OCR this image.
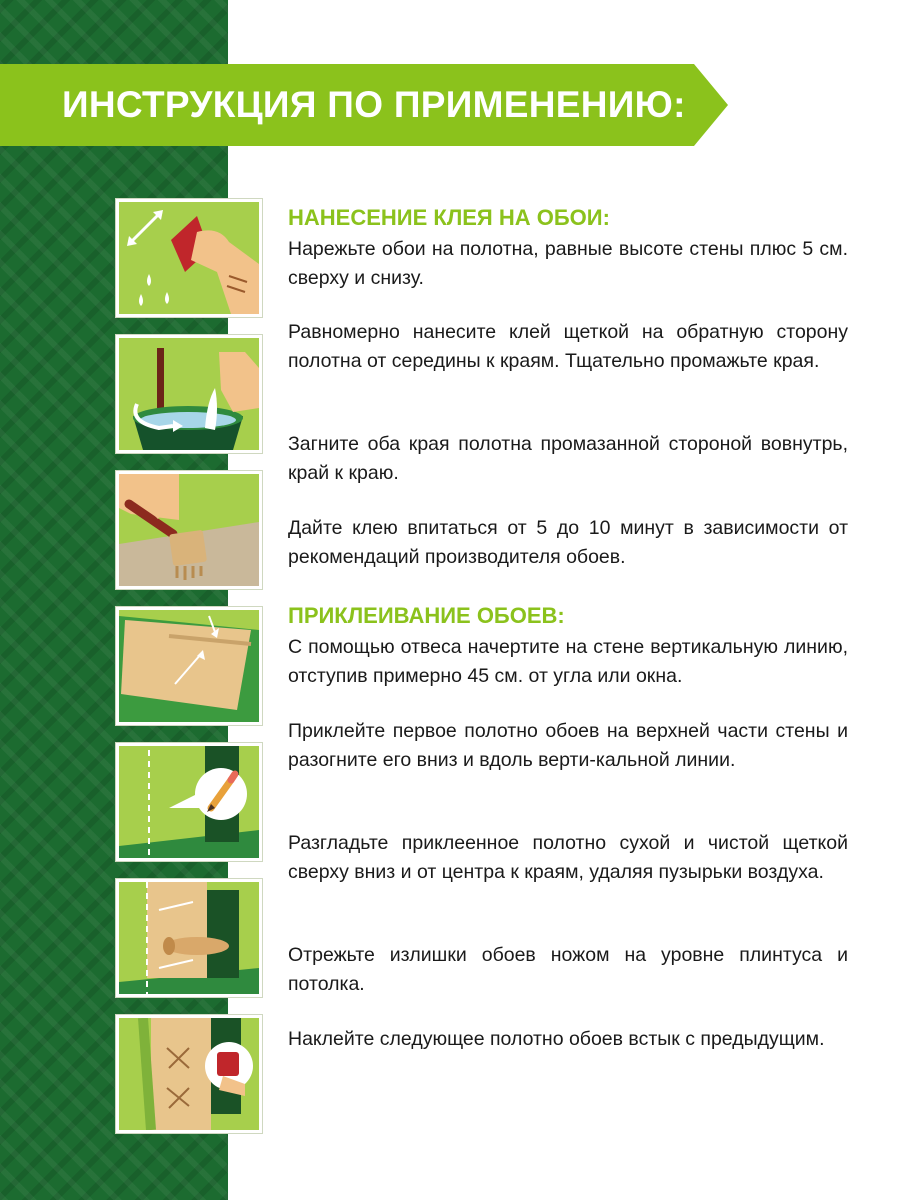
ИНСТРУКЦИЯ ПО ПРИМЕНЕНИЮ:
НАНЕСЕНИЕ КЛЕЯ НА ОБОИ:

Нарежьте обои на полотна, равные высоте стены плюс 5 см. сверху и снизу.

Равномерно нанесите клей щеткой на обратную сторону полотна от середины к краям. Тщательно промажьте края.

Загните оба края полотна промазанной стороной вовнутрь, край к краю.

Дайте клею впитаться от 5 до 10 минут в зависимости от рекомендаций производителя обоев.

ПРИКЛЕИВАНИЕ ОБОЕВ:

С помощью отвеса начертите на стене вертикальную линию, отступив примерно 45 см. от угла или окна.

Приклейте первое полотно обоев на верхней части стены и разогните его вниз и вдоль верти-кальной линии.

Разгладьте приклеенное полотно сухой и чистой щеткой сверху вниз и от центра к краям, удаляя пузырьки воздуха.

Отрежьте излишки обоев ножом на уровне плинтуса и потолка.

Наклейте следующее полотно обоев встык с предыдущим.
